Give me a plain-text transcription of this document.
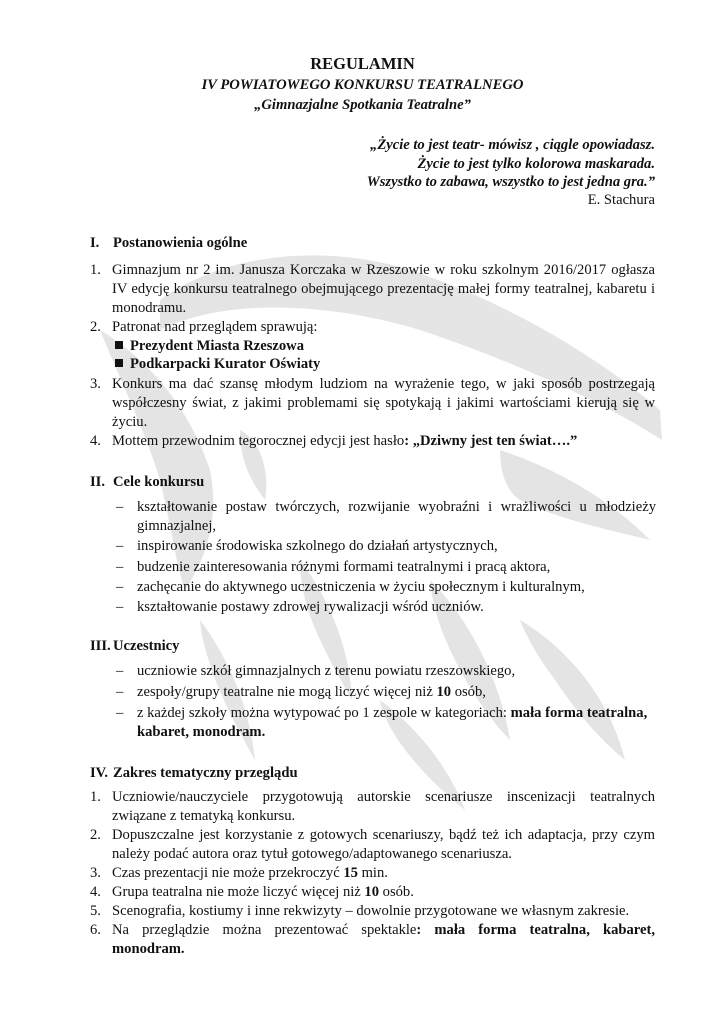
REGULAMIN
IV POWIATOWEGO KONKURSU TEATRALNEGO
„Gimnazjalne Spotkania Teatralne”
„Życie to jest teatr- mówisz , ciągle opowiadasz.
Życie to jest tylko kolorowa maskarada.
Wszystko to zabawa, wszystko to jest jedna gra.”
E. Stachura
I. Postanowienia ogólne
1. Gimnazjum nr 2 im. Janusza Korczaka w Rzeszowie w roku szkolnym 2016/2017 ogłasza IV edycję konkursu teatralnego obejmującego prezentację małej formy teatralnej, kabaretu i monodramu.
2. Patronat nad przeglądem sprawują:
Prezydent Miasta Rzeszowa
Podkarpacki Kurator Oświaty
3. Konkurs ma dać szansę młodym ludziom na wyrażenie tego, w jaki sposób postrzegają współczesny świat, z jakimi problemami się spotykają i jakimi wartościami kierują się w życiu.
4. Mottem przewodnim tegorocznej edycji jest hasło: „Dziwny jest ten świat….”
II. Cele konkursu
– kształtowanie postaw twórczych, rozwijanie wyobraźni i wrażliwości u młodzieży gimnazjalnej,
– inspirowanie środowiska szkolnego do działań artystycznych,
– budzenie zainteresowania różnymi formami teatralnymi i pracą aktora,
– zachęcanie do aktywnego uczestniczenia w życiu społecznym i kulturalnym,
– kształtowanie postawy zdrowej rywalizacji wśród uczniów.
III. Uczestnicy
– uczniowie szkół gimnazjalnych z terenu powiatu rzeszowskiego,
– zespoły/grupy teatralne nie mogą liczyć więcej niż 10 osób,
– z każdej szkoły można wytypować po 1 zespole w kategoriach: mała forma teatralna, kabaret, monodram.
IV. Zakres tematyczny przeglądu
1. Uczniowie/nauczyciele przygotowują autorskie scenariusze inscenizacji teatralnych związane z tematyką konkursu.
2. Dopuszczalne jest korzystanie z gotowych scenariuszy, bądź też ich adaptacja, przy czym należy podać autora oraz tytuł gotowego/adaptowanego scenariusza.
3. Czas prezentacji nie może przekroczyć 15 min.
4. Grupa teatralna nie może liczyć więcej niż 10 osób.
5. Scenografia, kostiumy i inne rekwizyty – dowolnie przygotowane we własnym zakresie.
6. Na przeglądzie można prezentować spektakle: mała forma teatralna, kabaret, monodram.
